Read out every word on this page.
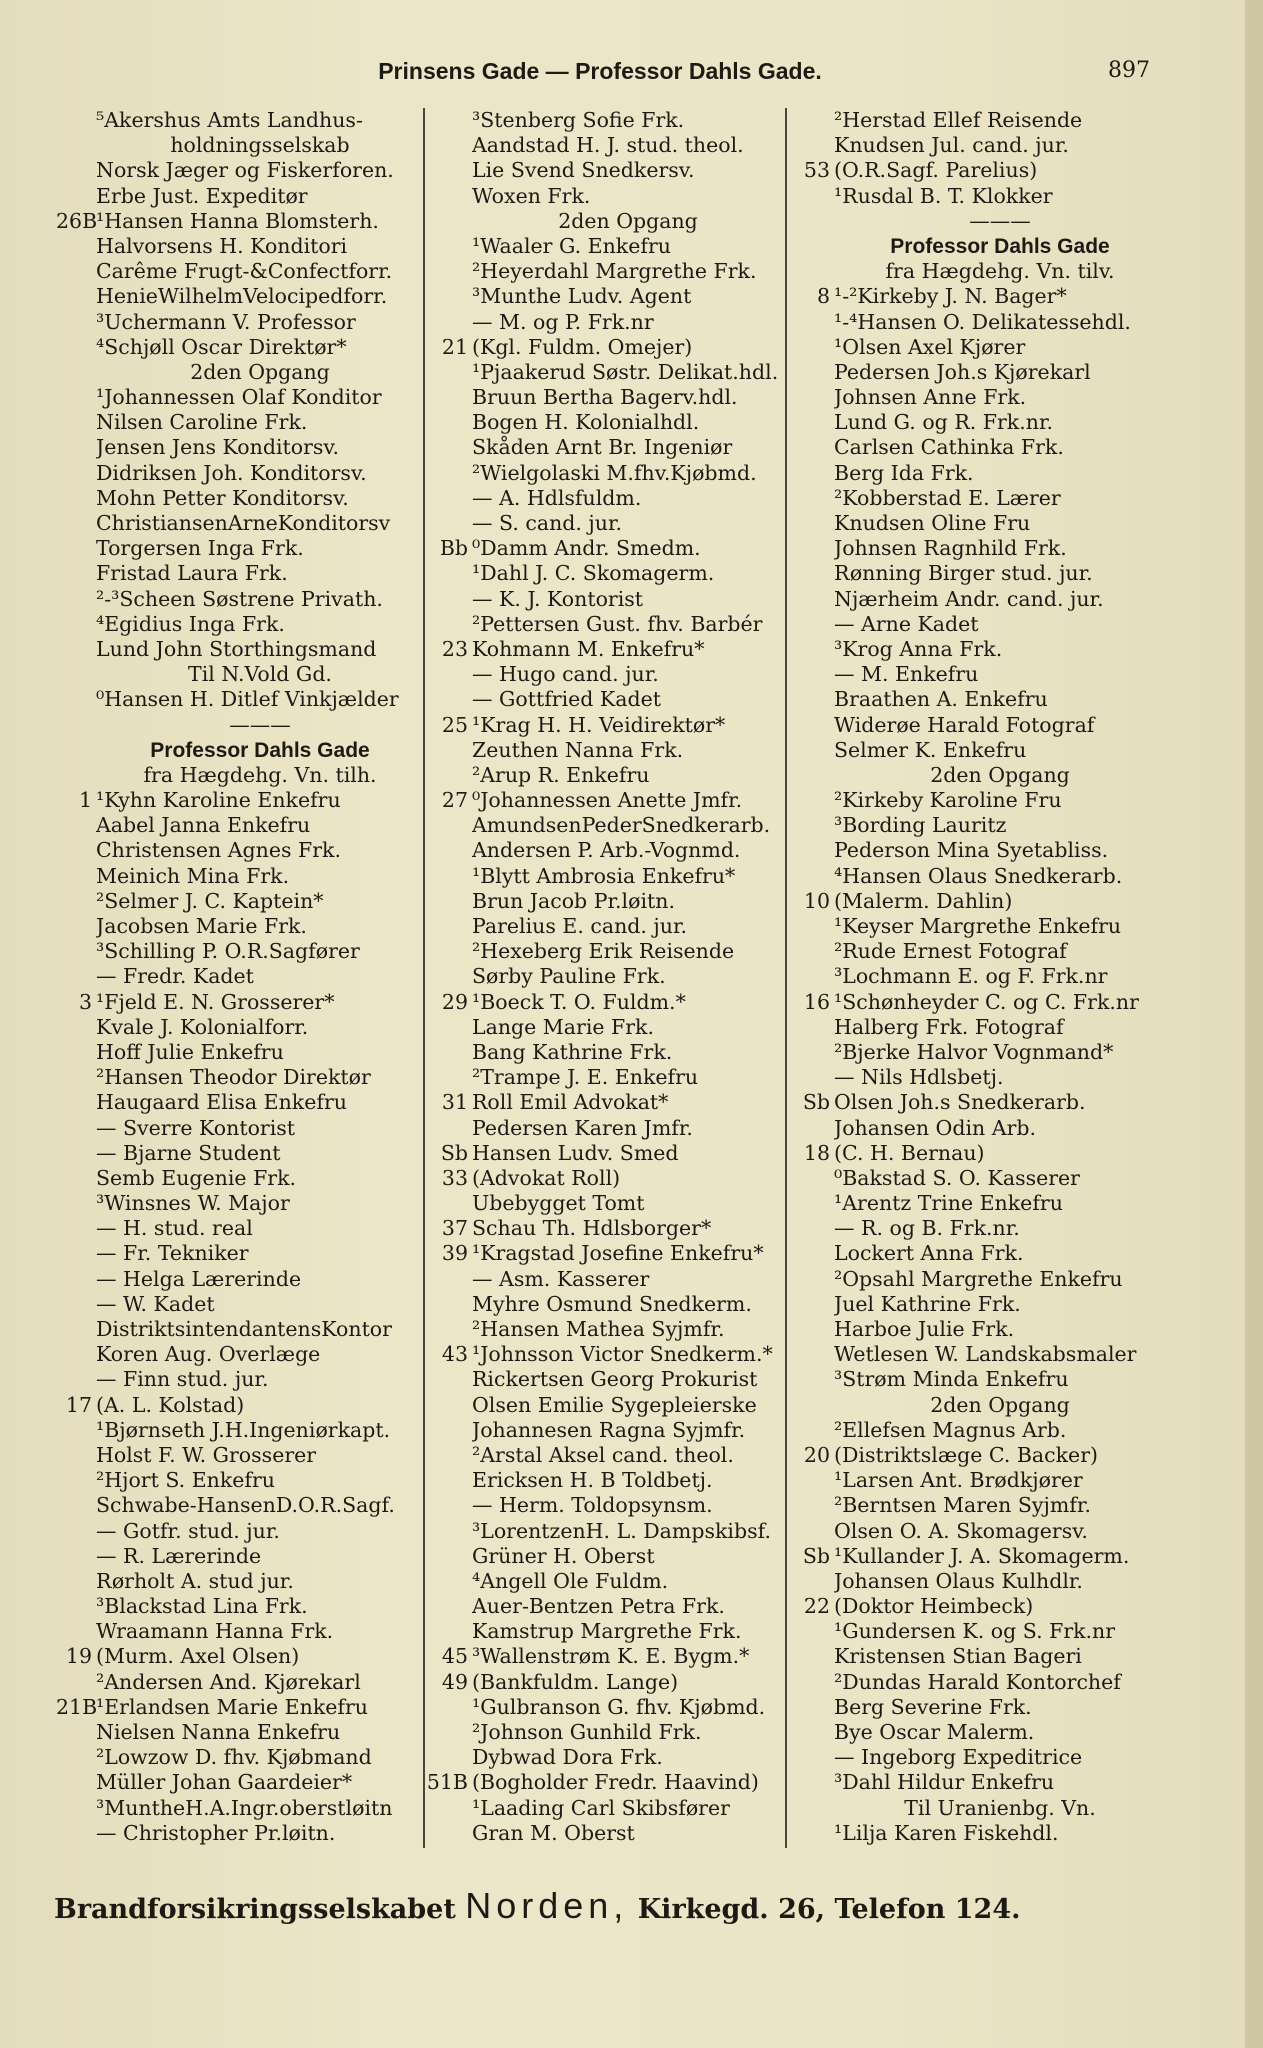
Prinsens Gade — Professor Dahls Gade.	897
⁵Akershus Amts Landhus-
holdningsselskab
Norsk Jæger og Fiskerforen.
Erbe Just. Expeditør
26B
¹Hansen Hanna Blomsterh.
Halvorsens H. Konditori
Carême Frugt-&Confectforr.
HenieWilhelmVelocipedforr.
³Uchermann V. Professor
⁴Schjøll Oscar Direktør*
2den Opgang
¹Johannessen Olaf Konditor
Nilsen Caroline Frk.
Jensen Jens Konditorsv.
Didriksen Joh. Konditorsv.
Mohn Petter Konditorsv.
ChristiansenArneKonditorsv
Torgersen Inga Frk.
Fristad Laura Frk.
²-³Scheen Søstrene Privath.
⁴Egidius Inga Frk.
Lund John Storthingsmand
Til N.Vold Gd.
⁰Hansen H. Ditlef Vinkjælder
———
Professor Dahls Gade
fra Hægdehg. Vn. tilh.
1 ¹Kyhn Karoline Enkefru
Aabel Janna Enkefru
Christensen Agnes Frk.
Meinich Mina Frk.
²Selmer J. C. Kaptein*
Jacobsen Marie Frk.
³Schilling P. O.R.Sagfører
— Fredr. Kadet
3 ¹Fjeld E. N. Grosserer*
Kvale J. Kolonialforr.
Hoff Julie Enkefru
²Hansen Theodor Direktør
Haugaard Elisa Enkefru
— Sverre Kontorist
— Bjarne Student
Semb Eugenie Frk.
³Winsnes W. Major
— H. stud. real
— Fr. Tekniker
— Helga Lærerinde
— W. Kadet
DistriktsintendantensKontor
Koren Aug. Overlæge
— Finn stud. jur.
17 (A. L. Kolstad)
¹Bjørnseth J.H.Ingeniørkapt.
Holst F. W. Grosserer
²Hjort S. Enkefru
Schwabe-HansenD.O.R.Sagf.
— Gotfr. stud. jur.
— R. Lærerinde
Rørholt A. stud jur.
³Blackstad Lina Frk.
Wraamann Hanna Frk.
19 (Murm. Axel Olsen)
²Andersen And. Kjørekarl
21B
¹Erlandsen Marie Enkefru
Nielsen Nanna Enkefru
²Lowzow D. fhv. Kjøbmand
Müller Johan Gaardeier*
³MuntheH.A.Ingr.oberstløitn
— Christopher Pr.løitn.
³Stenberg Sofie Frk.
Aandstad H. J. stud. theol.
Lie Svend Snedkersv.
Woxen Frk.
2den Opgang
¹Waaler G. Enkefru
²Heyerdahl Margrethe Frk.
³Munthe Ludv. Agent
— M. og P. Frk.nr
21 (Kgl. Fuldm. Omejer)
¹Pjaakerud Søstr. Delikat.hdl.
Bruun Bertha Bagerv.hdl.
Bogen H. Kolonialhdl.
Skåden Arnt Br. Ingeniør
²Wielgolaski M.fhv.Kjøbmd.
— A. Hdlsfuldm.
— S. cand. jur.
Bb ⁰Damm Andr. Smedm.
¹Dahl J. C. Skomagerm.
— K. J. Kontorist
²Pettersen Gust. fhv. Barbér
23 Kohmann M. Enkefru*
— Hugo cand. jur.
— Gottfried Kadet
25 ¹Krag H. H. Veidirektør*
Zeuthen Nanna Frk.
²Arup R. Enkefru
27 ⁰Johannessen Anette Jmfr.
AmundsenPederSnedkerarb.
Andersen P. Arb.-Vognmd.
¹Blytt Ambrosia Enkefru*
Brun Jacob Pr.løitn.
Parelius E. cand. jur.
²Hexeberg Erik Reisende
Sørby Pauline Frk.
29 ¹Boeck T. O. Fuldm.*
Lange Marie Frk.
Bang Kathrine Frk.
²Trampe J. E. Enkefru
31 Roll Emil Advokat*
Pedersen Karen Jmfr.
Sb Hansen Ludv. Smed
33 (Advokat Roll)
Ubebygget Tomt
37 Schau Th. Hdlsborger*
39 ¹Kragstad Josefine Enkefru*
— Asm. Kasserer
Myhre Osmund Snedkerm.
²Hansen Mathea Syjmfr.
43 ¹Johnsson Victor Snedkerm.*
Rickertsen Georg Prokurist
Olsen Emilie Sygepleierske
Johannesen Ragna Syjmfr.
²Arstal Aksel cand. theol.
Ericksen H. B Toldbetj.
— Herm. Toldopsynsm.
³LorentzenH. L. Dampskibsf.
Grüner H. Oberst
⁴Angell Ole Fuldm.
Auer-Bentzen Petra Frk.
Kamstrup Margrethe Frk.
45 ³Wallenstrøm K. E. Bygm.*
49 (Bankfuldm. Lange)
¹Gulbranson G. fhv. Kjøbmd.
²Johnson Gunhild Frk.
Dybwad Dora Frk.
51B (Bogholder Fredr. Haavind)
¹Laading Carl Skibsfører
Gran M. Oberst
²Herstad Ellef Reisende
Knudsen Jul. cand. jur.
53 (O.R.Sagf. Parelius)
¹Rusdal B. T. Klokker
———
Professor Dahls Gade
fra Hægdehg. Vn. tilv.
8 ¹-²Kirkeby J. N. Bager*
¹-⁴Hansen O. Delikatessehdl.
¹Olsen Axel Kjører
Pedersen Joh.s Kjørekarl
Johnsen Anne Frk.
Lund G. og R. Frk.nr.
Carlsen Cathinka Frk.
Berg Ida Frk.
²Kobberstad E. Lærer
Knudsen Oline Fru
Johnsen Ragnhild Frk.
Rønning Birger stud. jur.
Njærheim Andr. cand. jur.
— Arne Kadet
³Krog Anna Frk.
— M. Enkefru
Braathen A. Enkefru
Widerøe Harald Fotograf
Selmer K. Enkefru
2den Opgang
²Kirkeby Karoline Fru
³Bording Lauritz
Pederson Mina Syetabliss.
⁴Hansen Olaus Snedkerarb.
10 (Malerm. Dahlin)
¹Keyser Margrethe Enkefru
²Rude Ernest Fotograf
³Lochmann E. og F. Frk.nr
16 ¹Schønheyder C. og C. Frk.nr
Halberg Frk. Fotograf
²Bjerke Halvor Vognmand*
— Nils Hdlsbetj.
Sb Olsen Joh.s Snedkerarb.
Johansen Odin Arb.
18 (C. H. Bernau)
⁰Bakstad S. O. Kasserer
¹Arentz Trine Enkefru
— R. og B. Frk.nr.
Lockert Anna Frk.
²Opsahl Margrethe Enkefru
Juel Kathrine Frk.
Harboe Julie Frk.
Wetlesen W. Landskabsmaler
³Strøm Minda Enkefru
2den Opgang
²Ellefsen Magnus Arb.
20 (Distriktslæge C. Backer)
¹Larsen Ant. Brødkjører
²Berntsen Maren Syjmfr.
Olsen O. A. Skomagersv.
Sb ¹Kullander J. A. Skomagerm.
Johansen Olaus Kulhdlr.
22 (Doktor Heimbeck)
¹Gundersen K. og S. Frk.nr
Kristensen Stian Bageri
²Dundas Harald Kontorchef
Berg Severine Frk.
Bye Oscar Malerm.
— Ingeborg Expeditrice
³Dahl Hildur Enkefru
Til Uranienbg. Vn.
¹Lilja Karen Fiskehdl.
Brandforsikringsselskabet Norden, Kirkegd. 26, Telefon 124.
